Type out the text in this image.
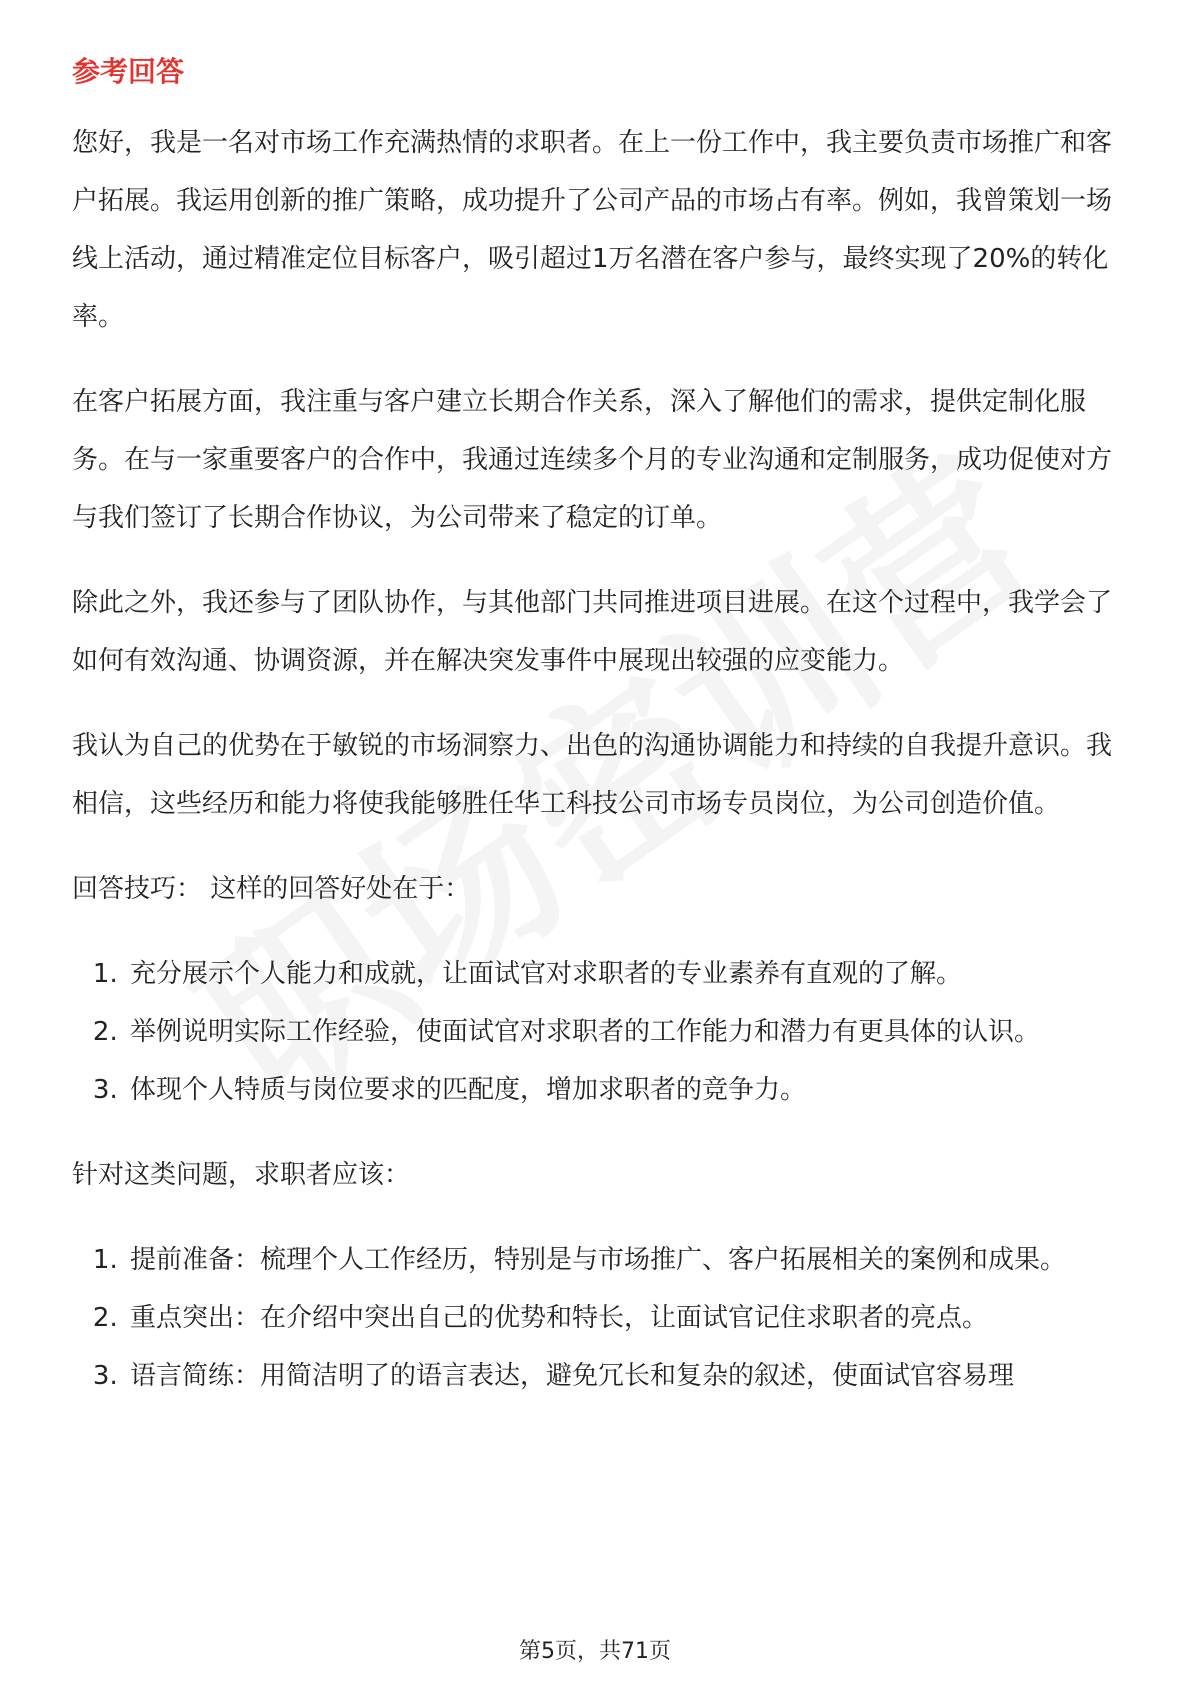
参考回答

您好，我是一名对市场工作充满热情的求职者。在上一份工作中，我主要负责市场推广和客户拓展。我运用创新的推广策略，成功提升了公司产品的市场占有率。例如，我曾策划一场线上活动，通过精准定位目标客户，吸引超过1万名潜在客户参与，最终实现了20%的转化率。

在客户拓展方面，我注重与客户建立长期合作关系，深入了解他们的需求，提供定制化服务。在与一家重要客户的合作中，我通过连续多个月的专业沟通和定制服务，成功促使对方与我们签订了长期合作协议，为公司带来了稳定的订单。

除此之外，我还参与了团队协作，与其他部门共同推进项目进展。在这个过程中，我学会了如何有效沟通、协调资源，并在解决突发事件中展现出较强的应变能力。

我认为自己的优势在于敏锐的市场洞察力、出色的沟通协调能力和持续的自我提升意识。我相信，这些经历和能力将使我能够胜任华工科技公司市场专员岗位，为公司创造价值。

回答技巧： 这样的回答好处在于：

1. 充分展示个人能力和成就，让面试官对求职者的专业素养有直观的了解。
2. 举例说明实际工作经验，使面试官对求职者的工作能力和潜力有更具体的认识。
3. 体现个人特质与岗位要求的匹配度，增加求职者的竞争力。

针对这类问题，求职者应该：

1. 提前准备：梳理个人工作经历，特别是与市场推广、客户拓展相关的案例和成果。
2. 重点突出：在介绍中突出自己的优势和特长，让面试官记住求职者的亮点。
3. 语言简练：用简洁明了的语言表达，避免冗长和复杂的叙述，使面试官容易理
第5页，共71页
